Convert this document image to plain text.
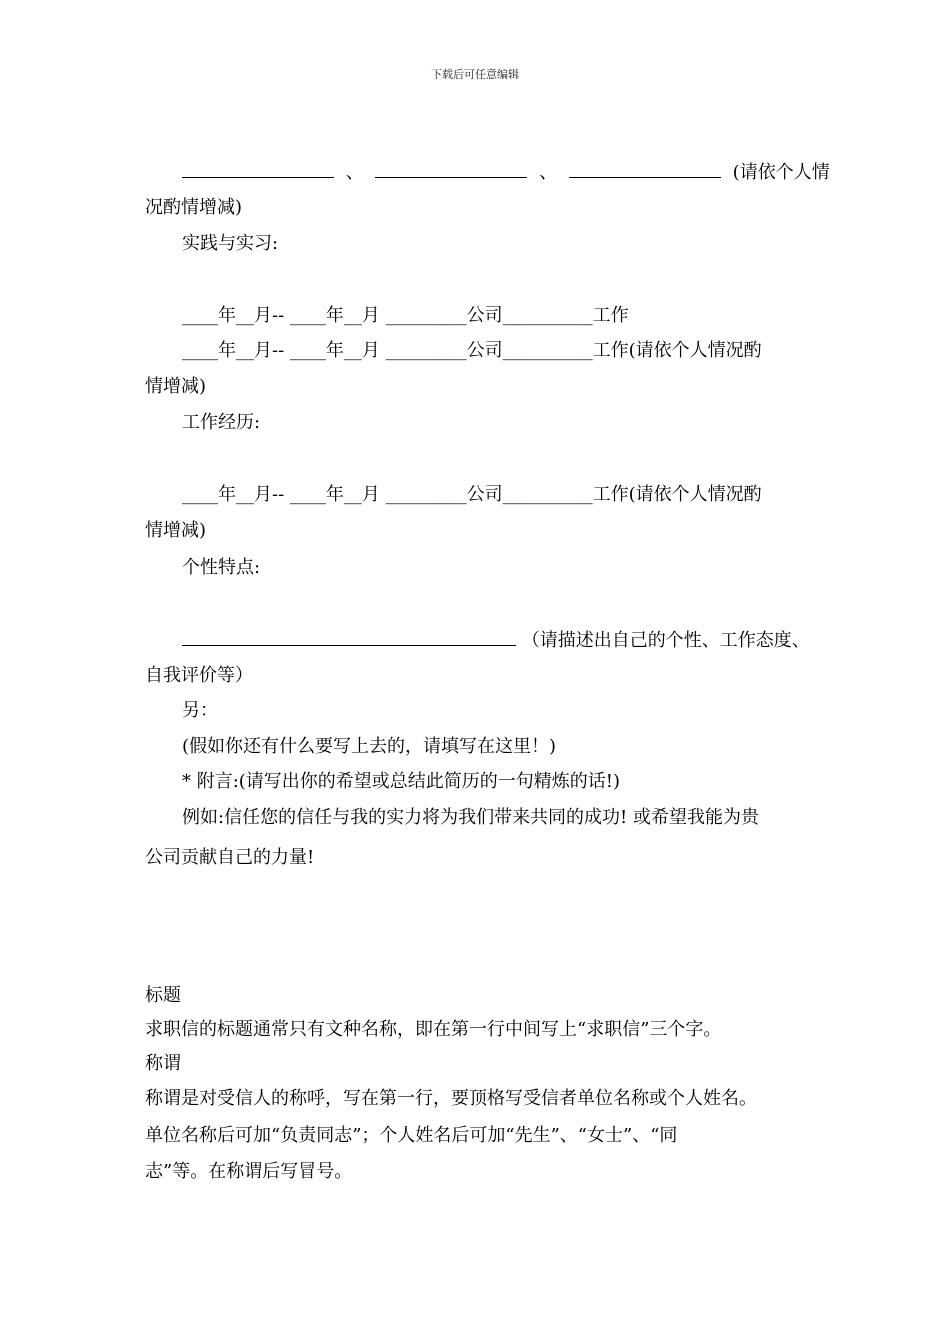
下载后可任意编辑
、	、	(请依个人情
况酌情增减)
实践与实习:
____年__月-- ____年__月 _________公司__________工作
____年__月-- ____年__月 _________公司__________工作(请依个人情况酌
情增减)
工作经历:
____年__月-- ____年__月 _________公司__________工作(请依个人情况酌
情增减)
个性特点:
（请描述出自己的个性、工作态度、
自我评价等）
另：
(假如你还有什么要写上去的，请填写在这里！)
* 附言:(请写出你的希望或总结此简历的一句精炼的话!)
例如:信任您的信任与我的实力将为我们带来共同的成功! 或希望我能为贵
公司贡献自己的力量!
标题
求职信的标题通常只有文种名称，即在第一行中间写上“求职信”三个字。
称谓
称谓是对受信人的称呼，写在第一行，要顶格写受信者单位名称或个人姓名。
单位名称后可加“负责同志”；个人姓名后可加“先生”、“女士”、“同
志”等。在称谓后写冒号。
